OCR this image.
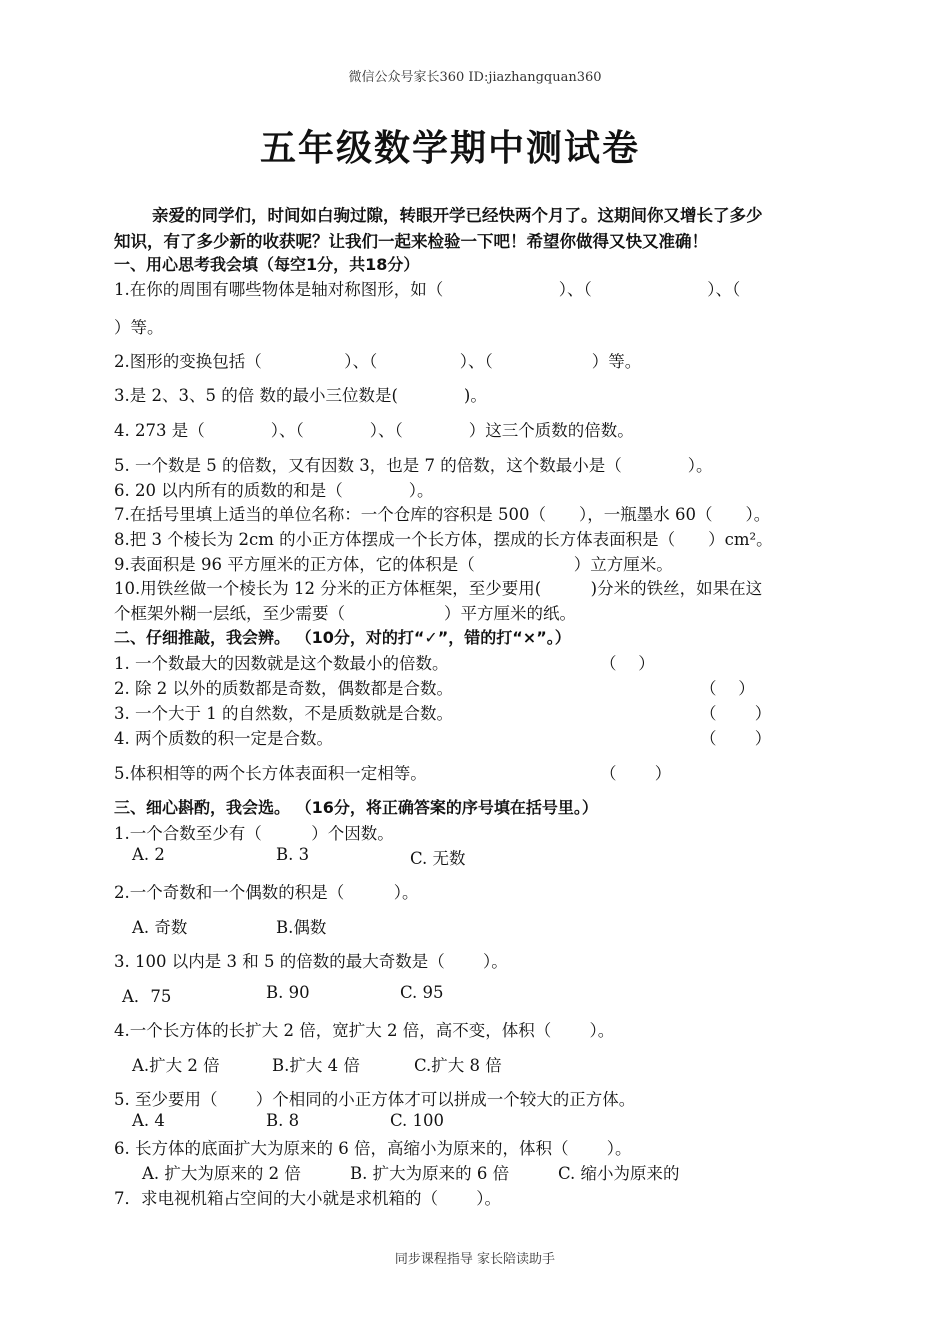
微信公众号家长360 ID:jiazhangquan360
五年级数学期中测试卷
亲爱的同学们，时间如白驹过隙，转眼开学已经快两个月了。这期间你又增长了多少
知识，有了多少新的收获呢？让我们一起来检验一下吧！希望你做得又快又准确！
一、用心思考我会填（每空1分，共18分）
1.在你的周围有哪些物体是轴对称图形，如（　　　　　　　）、（　　　　　　　）、（
）等。
2.图形的变换包括（　　　　　）、（　　　　　）、（　　　　　　）等。
3.是 2、3、5 的倍 数的最小三位数是(　　　　)。
4. 273 是（　　　　）、（　　　　）、（　　　　）这三个质数的倍数。
5. 一个数是 5 的倍数，又有因数 3，也是 7 的倍数，这个数最小是（　　　　）。
6. 20 以内所有的质数的和是（　　　　）。
7.在括号里填上适当的单位名称：一个仓库的容积是 500（　　），一瓶墨水 60（　　）。
8.把 3 个棱长为 2cm 的小正方体摆成一个长方体，摆成的长方体表面积是（　　）cm²。
9.表面积是 96 平方厘米的正方体，它的体积是（　　　　　　）立方厘米。
10.用铁丝做一个棱长为 12 分米的正方体框架，至少要用(　　　)分米的铁丝，如果在这
个框架外糊一层纸，至少需要（　　　　　　）平方厘米的纸。
二、仔细推敲，我会辨。 （10分，对的打“✓”，错的打“×”。）
1. 一个数最大的因数就是这个数最小的倍数。	（　 ）
2. 除 2 以外的质数都是奇数，偶数都是合数。	（　 ）
3. 一个大于 1 的自然数，不是质数就是合数。	（　　 ）
4. 两个质数的积一定是合数。	（　　 ）
5.体积相等的两个长方体表面积一定相等。	（　　 ）
三、细心斟酌，我会选。 （16分，将正确答案的序号填在括号里。）
1.一个合数至少有（　　　）个因数。
A. 2	B. 3	C. 无数
2.一个奇数和一个偶数的积是（　　　）。
A. 奇数	B.偶数
3. 100 以内是 3 和 5 的倍数的最大奇数是（　　 ）。
A．75	B. 90	C. 95
4.一个长方体的长扩大 2 倍，宽扩大 2 倍，高不变，体积（　　 ）。
A.扩大 2 倍	B.扩大 4 倍	C.扩大 8 倍
5. 至少要用（　　 ）个相同的小正方体才可以拼成一个较大的正方体。
A. 4	B. 8	C. 100
6. 长方体的底面扩大为原来的 6 倍，高缩小为原来的，体积（　　 ）。
A. 扩大为原来的 2 倍	B. 扩大为原来的 6 倍	C. 缩小为原来的
7．求电视机箱占空间的大小就是求机箱的（　　 ）。
同步课程指导 家长陪读助手
